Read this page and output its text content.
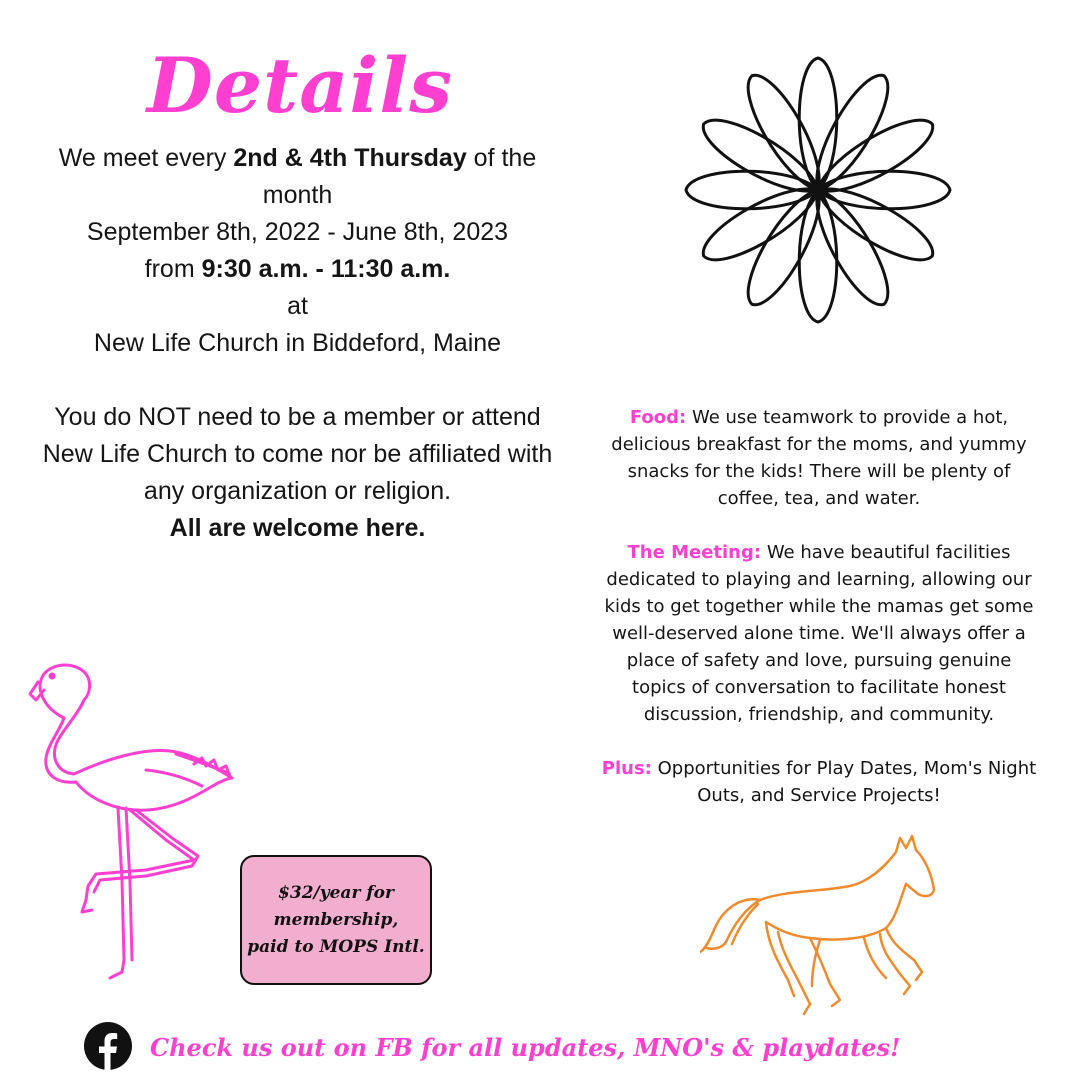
Details
We meet every 2nd & 4th Thursday of the
month
September 8th, 2022 - June 8th, 2023
from 9:30 a.m. - 11:30 a.m.
at
New Life Church in Biddeford, Maine
You do NOT need to be a member or attend
New Life Church to come nor be affiliated with
any organization or religion.
All are welcome here.
Food: We use teamwork to provide a hot,
delicious breakfast for the moms, and yummy
snacks for the kids! There will be plenty of
coffee, tea, and water.
The Meeting: We have beautiful facilities
dedicated to playing and learning, allowing our
kids to get together while the mamas get some
well-deserved alone time. We'll always offer a
place of safety and love, pursuing genuine
topics of conversation to facilitate honest
discussion, friendship, and community.
Plus: Opportunities for Play Dates, Mom's Night
Outs, and Service Projects!
$32/year for
membership,
paid to MOPS Intl.
Check us out on FB for all updates, MNO's & playdates!
